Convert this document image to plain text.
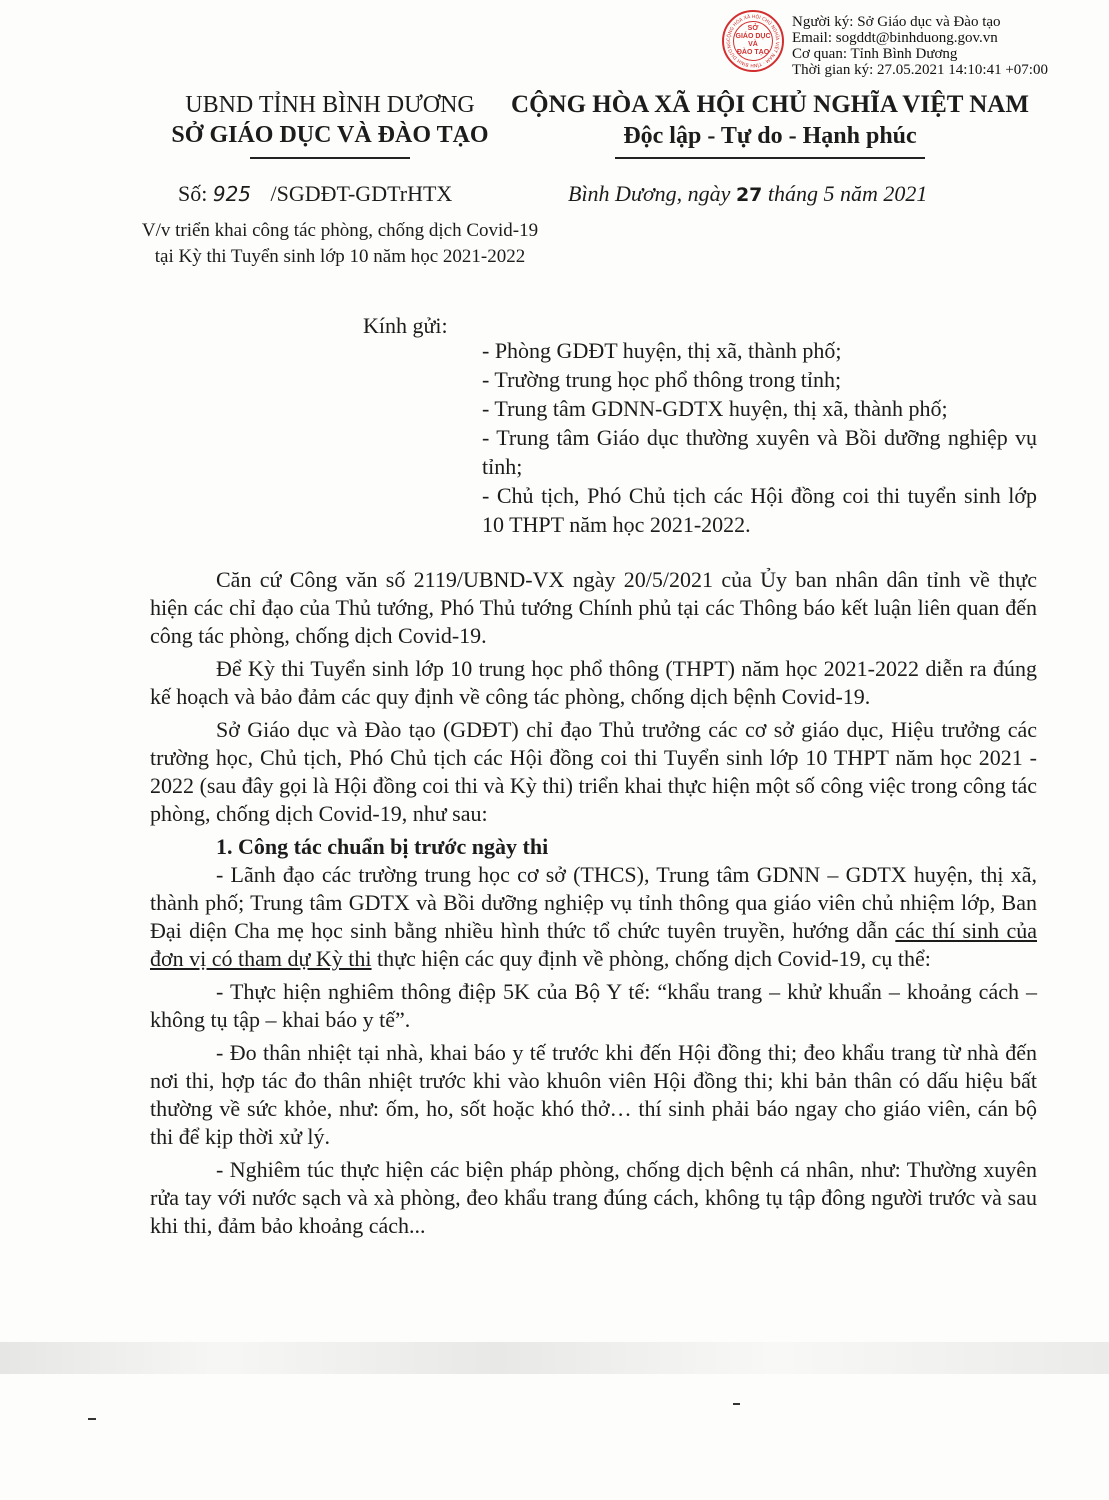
CỘNG HÒA XÃ HỘI CHỦ NGHĨA VIỆT NAM · TỈNH BÌNH DƯƠNG
SỞ
GIÁO DỤC VÀ
ĐÀO TẠO
Người ký: Sở Giáo dục và Đào tạo
Email: sogddt@binhduong.gov.vn
Cơ quan: Tỉnh Bình Dương
Thời gian ký: 27.05.2021 14:10:41 +07:00
UBND TỈNH BÌNH DƯƠNG
SỞ GIÁO DỤC VÀ ĐÀO TẠO
CỘNG HÒA XÃ HỘI CHỦ NGHĨA VIỆT NAM
Độc lập - Tự do - Hạnh phúc
Số: 925 /SGDĐT-GDTrHTX	Bình Dương, ngày 27 tháng 5 năm 2021
V/v triển khai công tác phòng, chống dịch Covid-19 tại Kỳ thi Tuyển sinh lớp 10 năm học 2021-2022
Kính gửi:
- Phòng GDĐT huyện, thị xã, thành phố;
- Trường trung học phổ thông trong tỉnh;
- Trung tâm GDNN-GDTX huyện, thị xã, thành phố;
- Trung tâm Giáo dục thường xuyên và Bồi dưỡng nghiệp vụ tỉnh;
- Chủ tịch, Phó Chủ tịch các Hội đồng coi thi tuyển sinh lớp 10 THPT năm học 2021-2022.

Căn cứ Công văn số 2119/UBND-VX ngày 20/5/2021 của Ủy ban nhân dân tỉnh về thực hiện các chỉ đạo của Thủ tướng, Phó Thủ tướng Chính phủ tại các Thông báo kết luận liên quan đến công tác phòng, chống dịch Covid-19.

Để Kỳ thi Tuyển sinh lớp 10 trung học phổ thông (THPT) năm học 2021-2022 diễn ra đúng kế hoạch và bảo đảm các quy định về công tác phòng, chống dịch bệnh Covid-19.

Sở Giáo dục và Đào tạo (GDĐT) chỉ đạo Thủ trưởng các cơ sở giáo dục, Hiệu trưởng các trường học, Chủ tịch, Phó Chủ tịch các Hội đồng coi thi Tuyển sinh lớp 10 THPT năm học 2021 - 2022 (sau đây gọi là Hội đồng coi thi và Kỳ thi) triển khai thực hiện một số công việc trong công tác phòng, chống dịch Covid-19, như sau:

1. Công tác chuẩn bị trước ngày thi

- Lãnh đạo các trường trung học cơ sở (THCS), Trung tâm GDNN – GDTX huyện, thị xã, thành phố; Trung tâm GDTX và Bồi dưỡng nghiệp vụ tỉnh thông qua giáo viên chủ nhiệm lớp, Ban Đại diện Cha mẹ học sinh bằng nhiều hình thức tổ chức tuyên truyền, hướng dẫn các thí sinh của đơn vị có tham dự Kỳ thi thực hiện các quy định về phòng, chống dịch Covid-19, cụ thể:

- Thực hiện nghiêm thông điệp 5K của Bộ Y tế: “khẩu trang – khử khuẩn – khoảng cách – không tụ tập – khai báo y tế”.

- Đo thân nhiệt tại nhà, khai báo y tế trước khi đến Hội đồng thi; đeo khẩu trang từ nhà đến nơi thi, hợp tác đo thân nhiệt trước khi vào khuôn viên Hội đồng thi; khi bản thân có dấu hiệu bất thường về sức khỏe, như: ốm, ho, sốt hoặc khó thở… thí sinh phải báo ngay cho giáo viên, cán bộ thi để kịp thời xử lý.

- Nghiêm túc thực hiện các biện pháp phòng, chống dịch bệnh cá nhân, như: Thường xuyên rửa tay với nước sạch và xà phòng, đeo khẩu trang đúng cách, không tụ tập đông người trước và sau khi thi, đảm bảo khoảng cách...
